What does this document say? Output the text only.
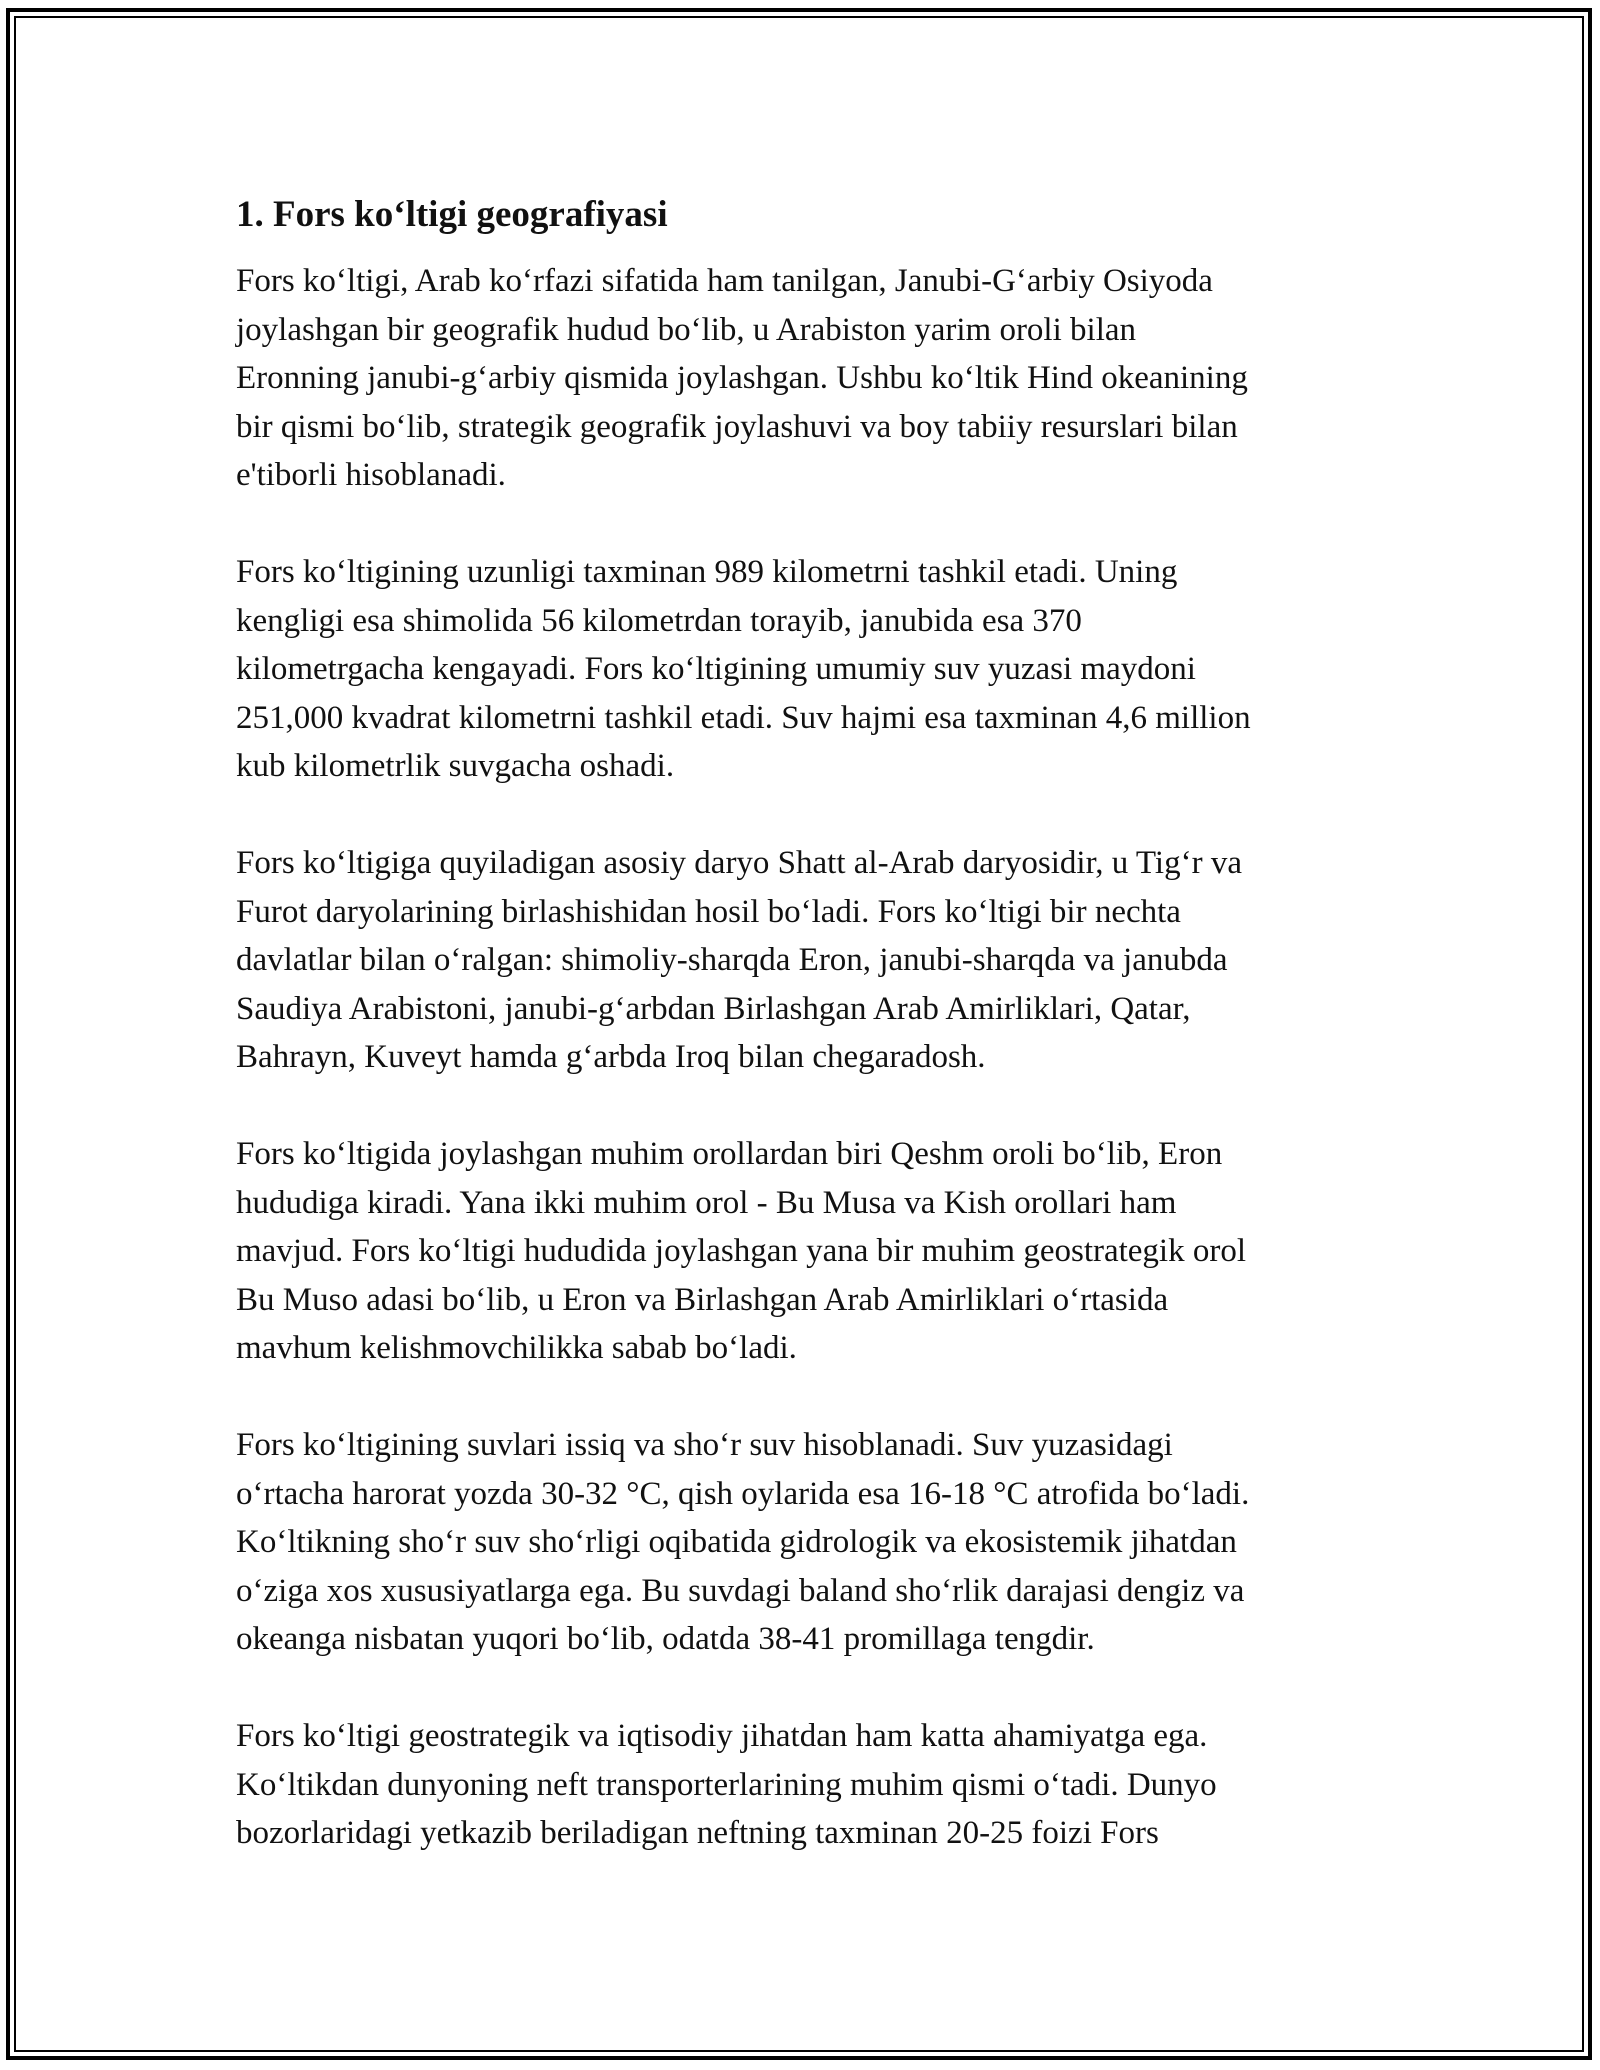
1. Fors ko‘ltigi geografiyasi

Fors ko‘ltigi, Arab ko‘rfazi sifatida ham tanilgan, Janubi-G‘arbiy Osiyoda
joylashgan bir geografik hudud bo‘lib, u Arabiston yarim oroli bilan
Eronning janubi-g‘arbiy qismida joylashgan. Ushbu ko‘ltik Hind okeanining
bir qismi bo‘lib, strategik geografik joylashuvi va boy tabiiy resurslari bilan
e'tiborli hisoblanadi.

Fors ko‘ltigining uzunligi taxminan 989 kilometrni tashkil etadi. Uning
kengligi esa shimolida 56 kilometrdan torayib, janubida esa 370
kilometrgacha kengayadi. Fors ko‘ltigining umumiy suv yuzasi maydoni
251,000 kvadrat kilometrni tashkil etadi. Suv hajmi esa taxminan 4,6 million
kub kilometrlik suvgacha oshadi.

Fors ko‘ltigiga quyiladigan asosiy daryo Shatt al-Arab daryosidir, u Tig‘r va
Furot daryolarining birlashishidan hosil bo‘ladi. Fors ko‘ltigi bir nechta
davlatlar bilan o‘ralgan: shimoliy-sharqda Eron, janubi-sharqda va janubda
Saudiya Arabistoni, janubi-g‘arbdan Birlashgan Arab Amirliklari, Qatar,
Bahrayn, Kuveyt hamda g‘arbda Iroq bilan chegaradosh.

Fors ko‘ltigida joylashgan muhim orollardan biri Qeshm oroli bo‘lib, Eron
hududiga kiradi. Yana ikki muhim orol - Bu Musa va Kish orollari ham
mavjud. Fors ko‘ltigi hududida joylashgan yana bir muhim geostrategik orol
Bu Muso adasi bo‘lib, u Eron va Birlashgan Arab Amirliklari o‘rtasida
mavhum kelishmovchilikka sabab bo‘ladi.

Fors ko‘ltigining suvlari issiq va sho‘r suv hisoblanadi. Suv yuzasidagi
o‘rtacha harorat yozda 30-32 °C, qish oylarida esa 16-18 °C atrofida bo‘ladi.
Ko‘ltikning sho‘r suv sho‘rligi oqibatida gidrologik va ekosistemik jihatdan
o‘ziga xos xususiyatlarga ega. Bu suvdagi baland sho‘rlik darajasi dengiz va
okeanga nisbatan yuqori bo‘lib, odatda 38-41 promillaga tengdir.

Fors ko‘ltigi geostrategik va iqtisodiy jihatdan ham katta ahamiyatga ega.
Ko‘ltikdan dunyoning neft transporterlarining muhim qismi o‘tadi. Dunyo
bozorlaridagi yetkazib beriladigan neftning taxminan 20-25 foizi Fors
